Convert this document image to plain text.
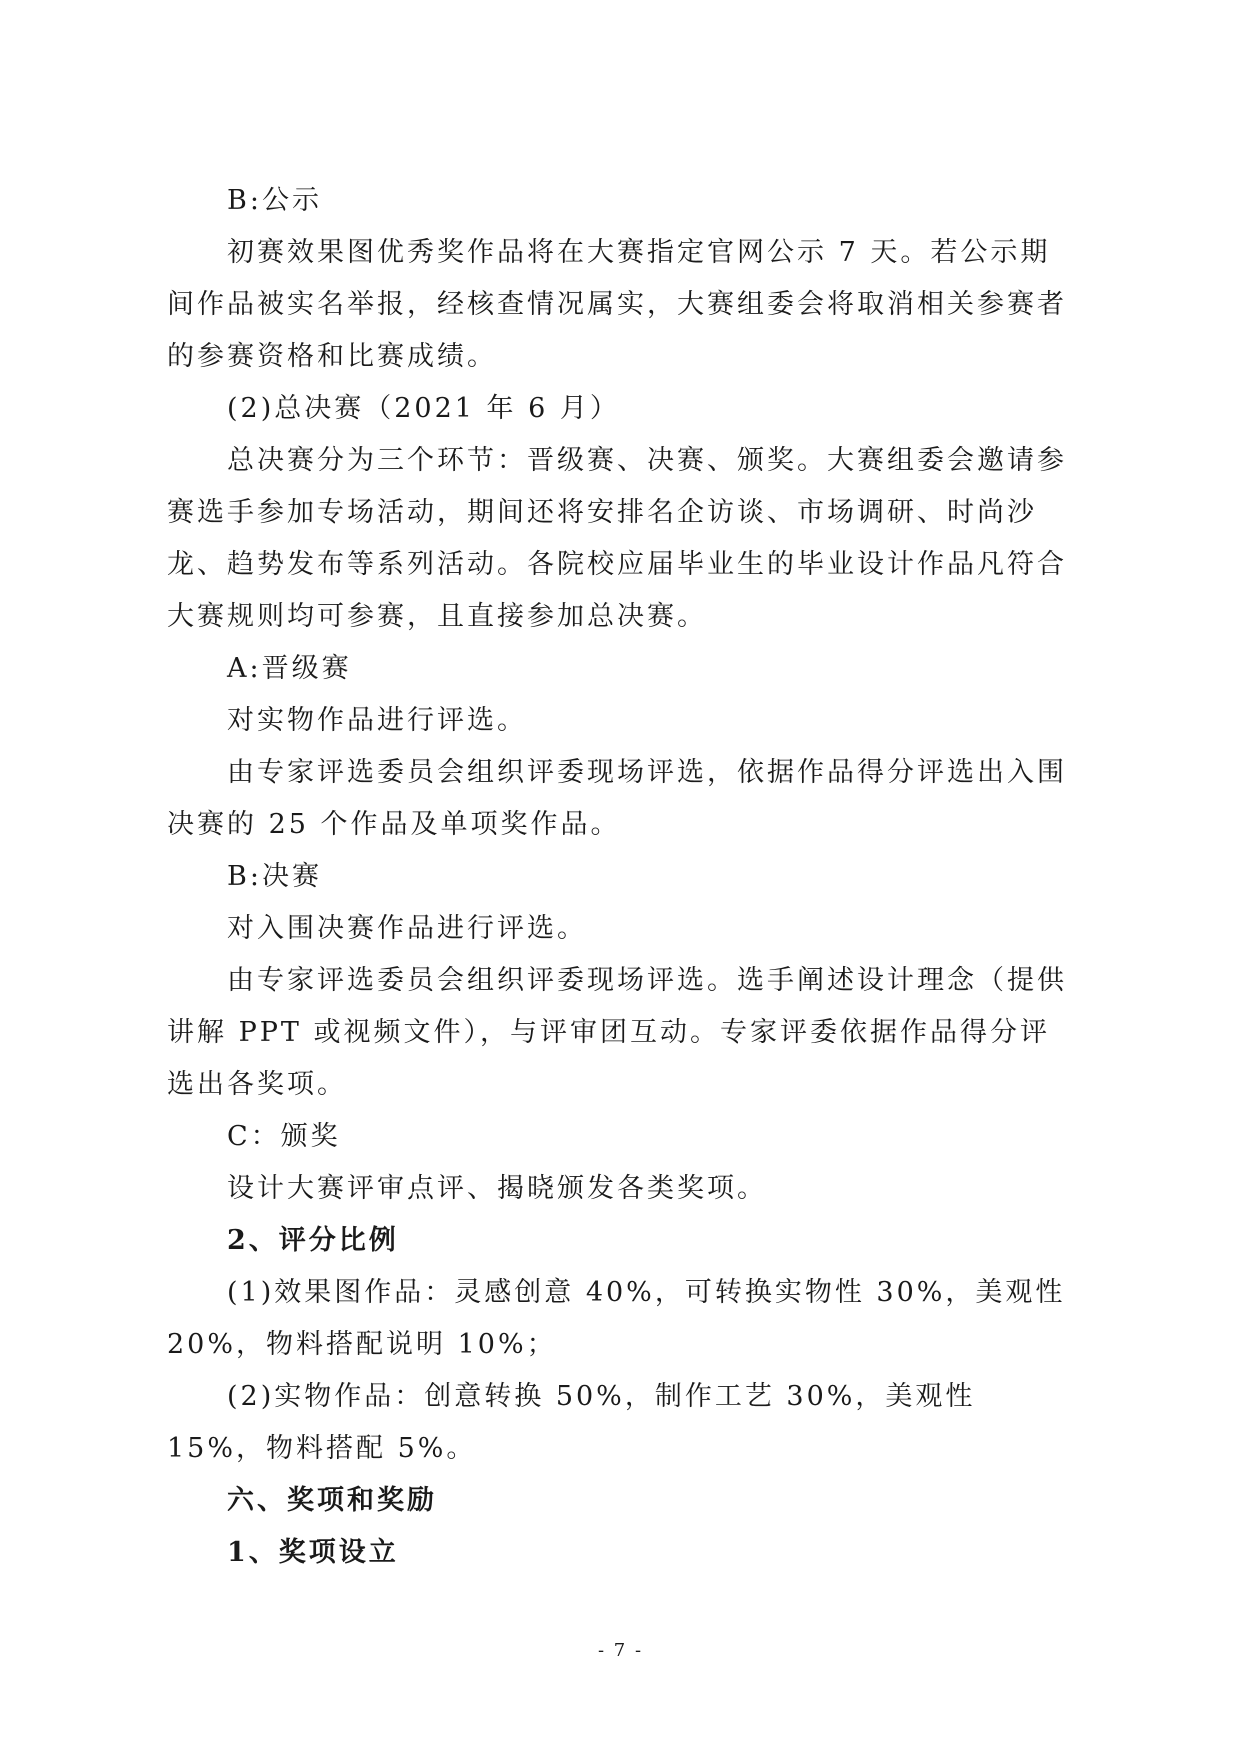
B:公示

初赛效果图优秀奖作品将在大赛指定官网公示 7 天。若公示期间作品被实名举报，经核查情况属实，大赛组委会将取消相关参赛者的参赛资格和比赛成绩。

(2)总决赛（2021 年 6 月）

总决赛分为三个环节：晋级赛、决赛、颁奖。大赛组委会邀请参赛选手参加专场活动，期间还将安排名企访谈、市场调研、时尚沙龙、趋势发布等系列活动。各院校应届毕业生的毕业设计作品凡符合大赛规则均可参赛，且直接参加总决赛。

A:晋级赛

对实物作品进行评选。

由专家评选委员会组织评委现场评选，依据作品得分评选出入围决赛的 25 个作品及单项奖作品。

B:决赛

对入围决赛作品进行评选。

由专家评选委员会组织评委现场评选。选手阐述设计理念（提供讲解 PPT 或视频文件），与评审团互动。专家评委依据作品得分评选出各奖项。

C：颁奖

设计大赛评审点评、揭晓颁发各类奖项。

2、评分比例

(1)效果图作品：灵感创意 40%，可转换实物性 30%，美观性 20%，物料搭配说明 10%；

(2)实物作品：创意转换 50%，制作工艺 30%，美观性 15%，物料搭配 5%。

六、奖项和奖励

1、奖项设立

- 7 -
